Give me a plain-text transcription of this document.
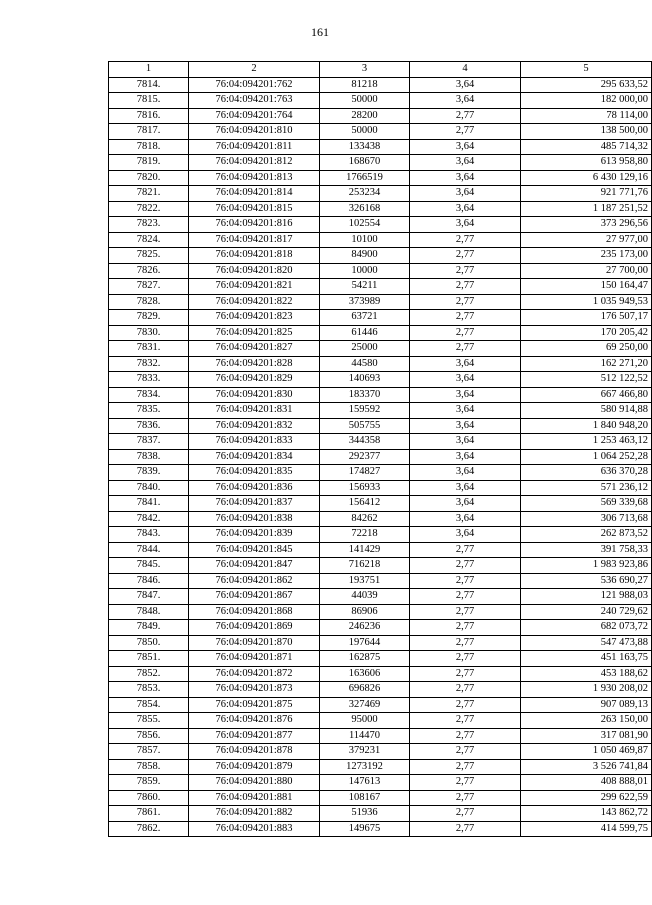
161
1	2	3	4	5
7814.	76:04:094201:762	81218	3,64	295 633,52
7815.	76:04:094201:763	50000	3,64	182 000,00
7816.	76:04:094201:764	28200	2,77	78 114,00
7817.	76:04:094201:810	50000	2,77	138 500,00
7818.	76:04:094201:811	133438	3,64	485 714,32
7819.	76:04:094201:812	168670	3,64	613 958,80
7820.	76:04:094201:813	1766519	3,64	6 430 129,16
7821.	76:04:094201:814	253234	3,64	921 771,76
7822.	76:04:094201:815	326168	3,64	1 187 251,52
7823.	76:04:094201:816	102554	3,64	373 296,56
7824.	76:04:094201:817	10100	2,77	27 977,00
7825.	76:04:094201:818	84900	2,77	235 173,00
7826.	76:04:094201:820	10000	2,77	27 700,00
7827.	76:04:094201:821	54211	2,77	150 164,47
7828.	76:04:094201:822	373989	2,77	1 035 949,53
7829.	76:04:094201:823	63721	2,77	176 507,17
7830.	76:04:094201:825	61446	2,77	170 205,42
7831.	76:04:094201:827	25000	2,77	69 250,00
7832.	76:04:094201:828	44580	3,64	162 271,20
7833.	76:04:094201:829	140693	3,64	512 122,52
7834.	76:04:094201:830	183370	3,64	667 466,80
7835.	76:04:094201:831	159592	3,64	580 914,88
7836.	76:04:094201:832	505755	3,64	1 840 948,20
7837.	76:04:094201:833	344358	3,64	1 253 463,12
7838.	76:04:094201:834	292377	3,64	1 064 252,28
7839.	76:04:094201:835	174827	3,64	636 370,28
7840.	76:04:094201:836	156933	3,64	571 236,12
7841.	76:04:094201:837	156412	3,64	569 339,68
7842.	76:04:094201:838	84262	3,64	306 713,68
7843.	76:04:094201:839	72218	3,64	262 873,52
7844.	76:04:094201:845	141429	2,77	391 758,33
7845.	76:04:094201:847	716218	2,77	1 983 923,86
7846.	76:04:094201:862	193751	2,77	536 690,27
7847.	76:04:094201:867	44039	2,77	121 988,03
7848.	76:04:094201:868	86906	2,77	240 729,62
7849.	76:04:094201:869	246236	2,77	682 073,72
7850.	76:04:094201:870	197644	2,77	547 473,88
7851.	76:04:094201:871	162875	2,77	451 163,75
7852.	76:04:094201:872	163606	2,77	453 188,62
7853.	76:04:094201:873	696826	2,77	1 930 208,02
7854.	76:04:094201:875	327469	2,77	907 089,13
7855.	76:04:094201:876	95000	2,77	263 150,00
7856.	76:04:094201:877	114470	2,77	317 081,90
7857.	76:04:094201:878	379231	2,77	1 050 469,87
7858.	76:04:094201:879	1273192	2,77	3 526 741,84
7859.	76:04:094201:880	147613	2,77	408 888,01
7860.	76:04:094201:881	108167	2,77	299 622,59
7861.	76:04:094201:882	51936	2,77	143 862,72
7862.	76:04:094201:883	149675	2,77	414 599,75
